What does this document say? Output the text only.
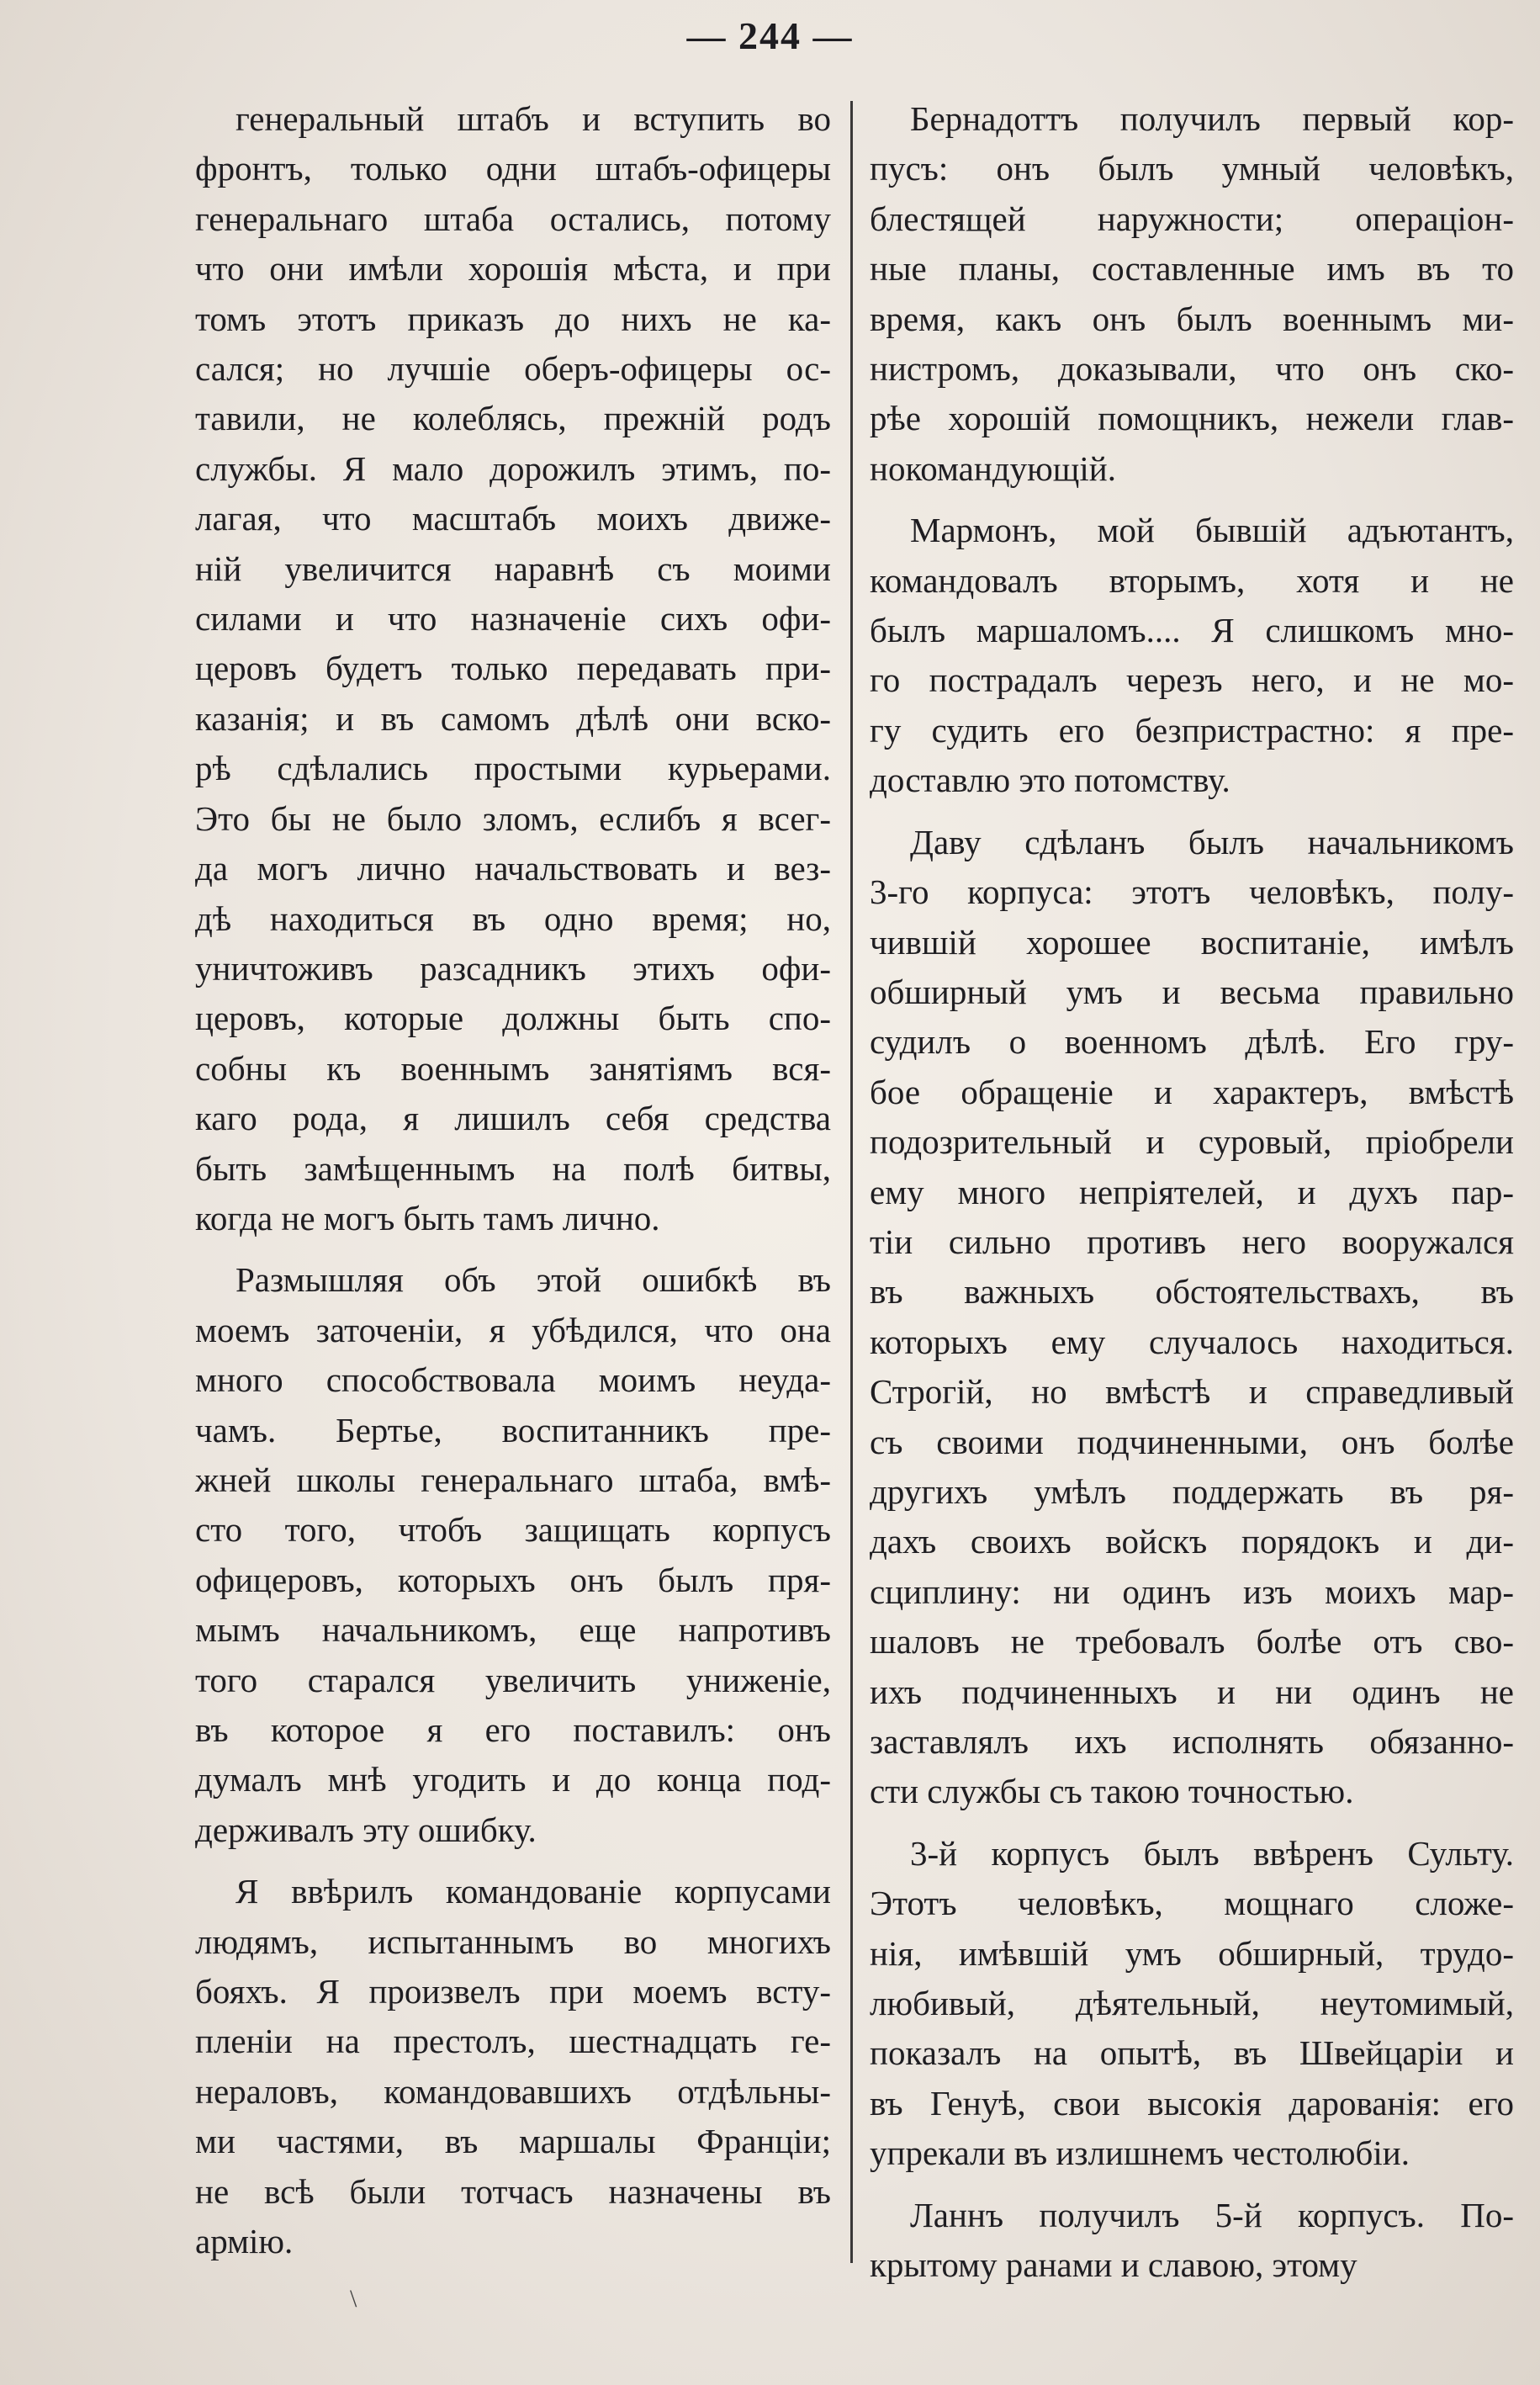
— 244 —
генеральный штабъ и вступить во
фронтъ, только одни штабъ-офицеры
генеральнаго штаба остались, потому
что они имѣли хорошія мѣста, и при
томъ этотъ приказъ до нихъ не ка-
сался; но лучшіе оберъ-офицеры ос-
тавили, не колеблясь, прежній родъ
службы. Я мало дорожилъ этимъ, по-
лагая, что масштабъ моихъ движе-
ній увеличится наравнѣ съ моими
силами и что назначеніе сихъ офи-
церовъ будетъ только передавать при-
казанія; и въ самомъ дѣлѣ они вско-
рѣ сдѣлались простыми курьерами.
Это бы не было зломъ, еслибъ я всег-
да могъ лично начальствовать и вез-
дѣ находиться въ одно время; но,
уничтоживъ разсадникъ этихъ офи-
церовъ, которые должны быть спо-
собны къ военнымъ занятіямъ вся-
каго рода, я лишилъ себя средства
быть замѣщеннымъ на полѣ битвы,
когда не могъ быть тамъ лично.
Размышляя объ этой ошибкѣ въ
моемъ заточеніи, я убѣдился, что она
много способствовала моимъ неуда-
чамъ. Бертье, воспитанникъ пре-
жней школы генеральнаго штаба, вмѣ-
сто того, чтобъ защищать корпусъ
офицеровъ, которыхъ онъ былъ пря-
мымъ начальникомъ, еще напротивъ
того старался увеличить униженіе,
въ которое я его поставилъ: онъ
думалъ мнѣ угодить и до конца под-
держивалъ эту ошибку.
Я ввѣрилъ командованіе корпусами
людямъ, испытаннымъ во многихъ
бояхъ. Я произвелъ при моемъ всту-
пленіи на престолъ, шестнадцать ге-
нераловъ, командовавшихъ отдѣльны-
ми частями, въ маршалы Франціи;
не всѣ были тотчасъ назначены въ
армію.
Бернадоттъ получилъ первый кор-
пусъ: онъ былъ умный человѣкъ,
блестящей наружности; операціон-
ные планы, составленные имъ въ то
время, какъ онъ былъ военнымъ ми-
нистромъ, доказывали, что онъ ско-
рѣе хорошій помощникъ, нежели глав-
нокомандующій.
Мармонъ, мой бывшій адъютантъ,
командовалъ вторымъ, хотя и не
былъ маршаломъ.... Я слишкомъ мно-
го пострадалъ черезъ него, и не мо-
гу судить его безпристрастно: я пре-
доставлю это потомству.
Даву сдѣланъ былъ начальникомъ
3-го корпуса: этотъ человѣкъ, полу-
чившій хорошее воспитаніе, имѣлъ
обширный умъ и весьма правильно
судилъ о военномъ дѣлѣ. Его гру-
бое обращеніе и характеръ, вмѣстѣ
подозрительный и суровый, пріобрели
ему много непріятелей, и духъ пар-
тіи сильно противъ него вооружался
въ важныхъ обстоятельствахъ, въ
которыхъ ему случалось находиться.
Строгій, но вмѣстѣ и справедливый
съ своими подчиненными, онъ болѣе
другихъ умѣлъ поддержать въ ря-
дахъ своихъ войскъ порядокъ и ди-
сциплину: ни одинъ изъ моихъ мар-
шаловъ не требовалъ болѣе отъ сво-
ихъ подчиненныхъ и ни одинъ не
заставлялъ ихъ исполнять обязанно-
сти службы съ такою точностью.
3-й корпусъ былъ ввѣренъ Сульту.
Этотъ человѣкъ, мощнаго сложе-
нія, имѣвшій умъ обширный, трудо-
любивый, дѣятельный, неутомимый,
показалъ на опытѣ, въ Швейцаріи и
въ Генуѣ, свои высокія дарованія: его
упрекали въ излишнемъ честолюбіи.
Ланнъ получилъ 5-й корпусъ. По-
крытому ранами и славою, этому
\
